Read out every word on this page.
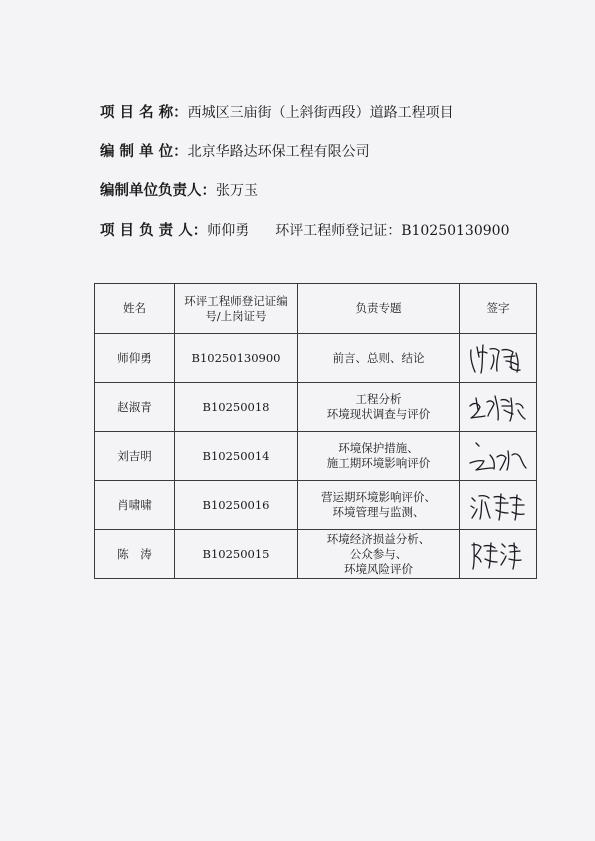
项 目 名 称：西城区三庙街（上斜街西段）道路工程项目
编 制 单 位：北京华路达环保工程有限公司
编制单位负责人：张万玉
项 目 负 责 人：师仰勇 环评工程师登记证：B10250130900
姓名	环评工程师登记证编号/上岗证号	负责专题	签字
师仰勇	B10250130900	前言、总则、结论

赵淑青	B10250018	工程分析
环境现状调查与评价

刘吉明	B10250014	环境保护措施、
施工期环境影响评价

肖啸啸	B10250016	营运期环境影响评价、
环境管理与监测、

陈　涛	B10250015	环境经济损益分析、
公众参与、
环境风险评价
